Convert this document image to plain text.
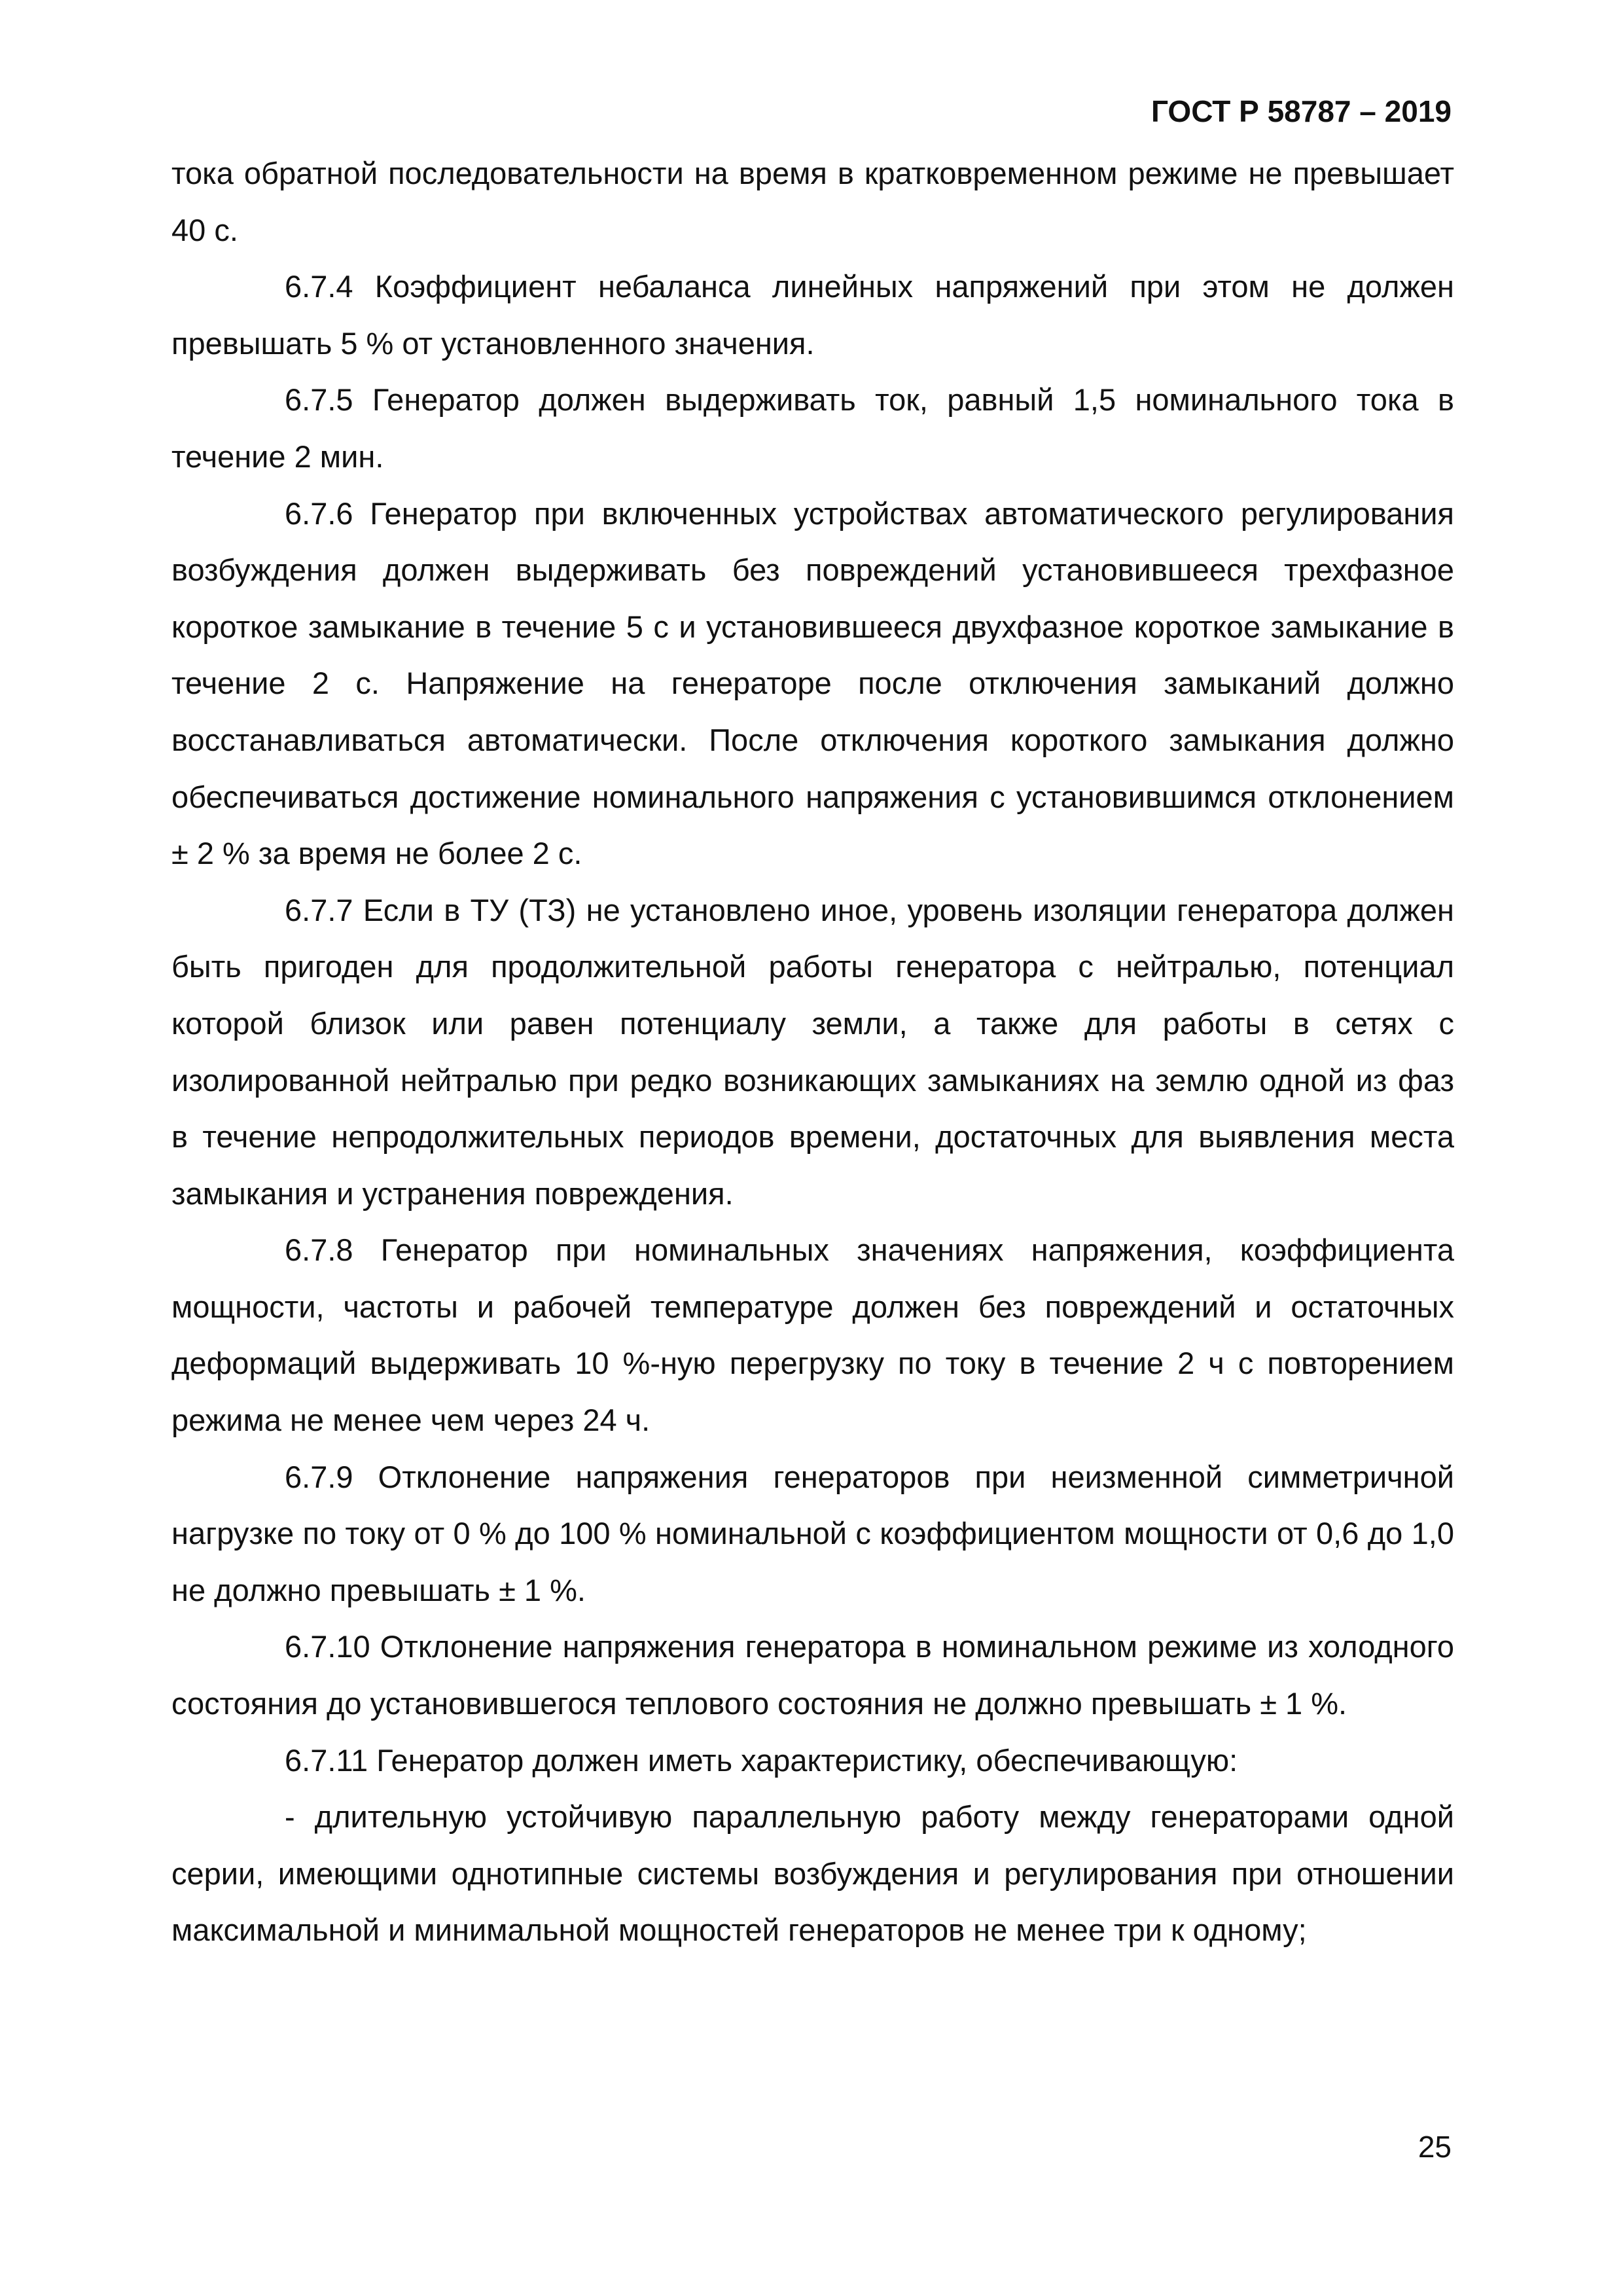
ГОСТ Р 58787 – 2019

тока обратной последовательности на время в кратковременном режиме не превышает 40 с.

6.7.4 Коэффициент небаланса линейных напряжений при этом не должен превышать 5 % от установленного значения.

6.7.5 Генератор должен выдерживать ток, равный 1,5 номинального тока в течение 2 мин.

6.7.6 Генератор при включенных устройствах автоматического регулирования возбуждения должен выдерживать без повреждений установившееся трехфазное короткое замыкание в течение 5 с и установившееся двухфазное короткое замыкание в течение 2 с. Напряжение на генераторе после отключения замыканий должно восстанавливаться автоматически. После отключения короткого замыкания должно обеспечиваться достижение номинального напряжения с установившимся отклонением ± 2 % за время не более 2 с.

6.7.7 Если в ТУ (ТЗ) не установлено иное, уровень изоляции генератора должен быть пригоден для продолжительной работы генератора с нейтралью, потенциал которой близок или равен потенциалу земли, а также для работы в сетях с изолированной нейтралью при редко возникающих замыканиях на землю одной из фаз в течение непродолжительных периодов времени, достаточных для выявления места замыкания и устранения повреждения.

6.7.8 Генератор при номинальных значениях напряжения, коэффициента мощности, частоты и рабочей температуре должен без повреждений и остаточных деформаций выдерживать 10 %-ную перегрузку по току в течение 2 ч с повторением режима не менее чем через 24 ч.

6.7.9 Отклонение напряжения генераторов при неизменной симметричной нагрузке по току от 0 % до 100 % номинальной с коэффициентом мощности от 0,6 до 1,0 не должно превышать ± 1 %.

6.7.10 Отклонение напряжения генератора в номинальном режиме из холодного состояния до установившегося теплового состояния не должно превышать ± 1 %.

6.7.11 Генератор должен иметь характеристику, обеспечивающую:

- длительную устойчивую параллельную работу между генераторами одной серии, имеющими однотипные системы возбуждения и регулирования при отношении максимальной и минимальной мощностей генераторов не менее три к одному;

25
